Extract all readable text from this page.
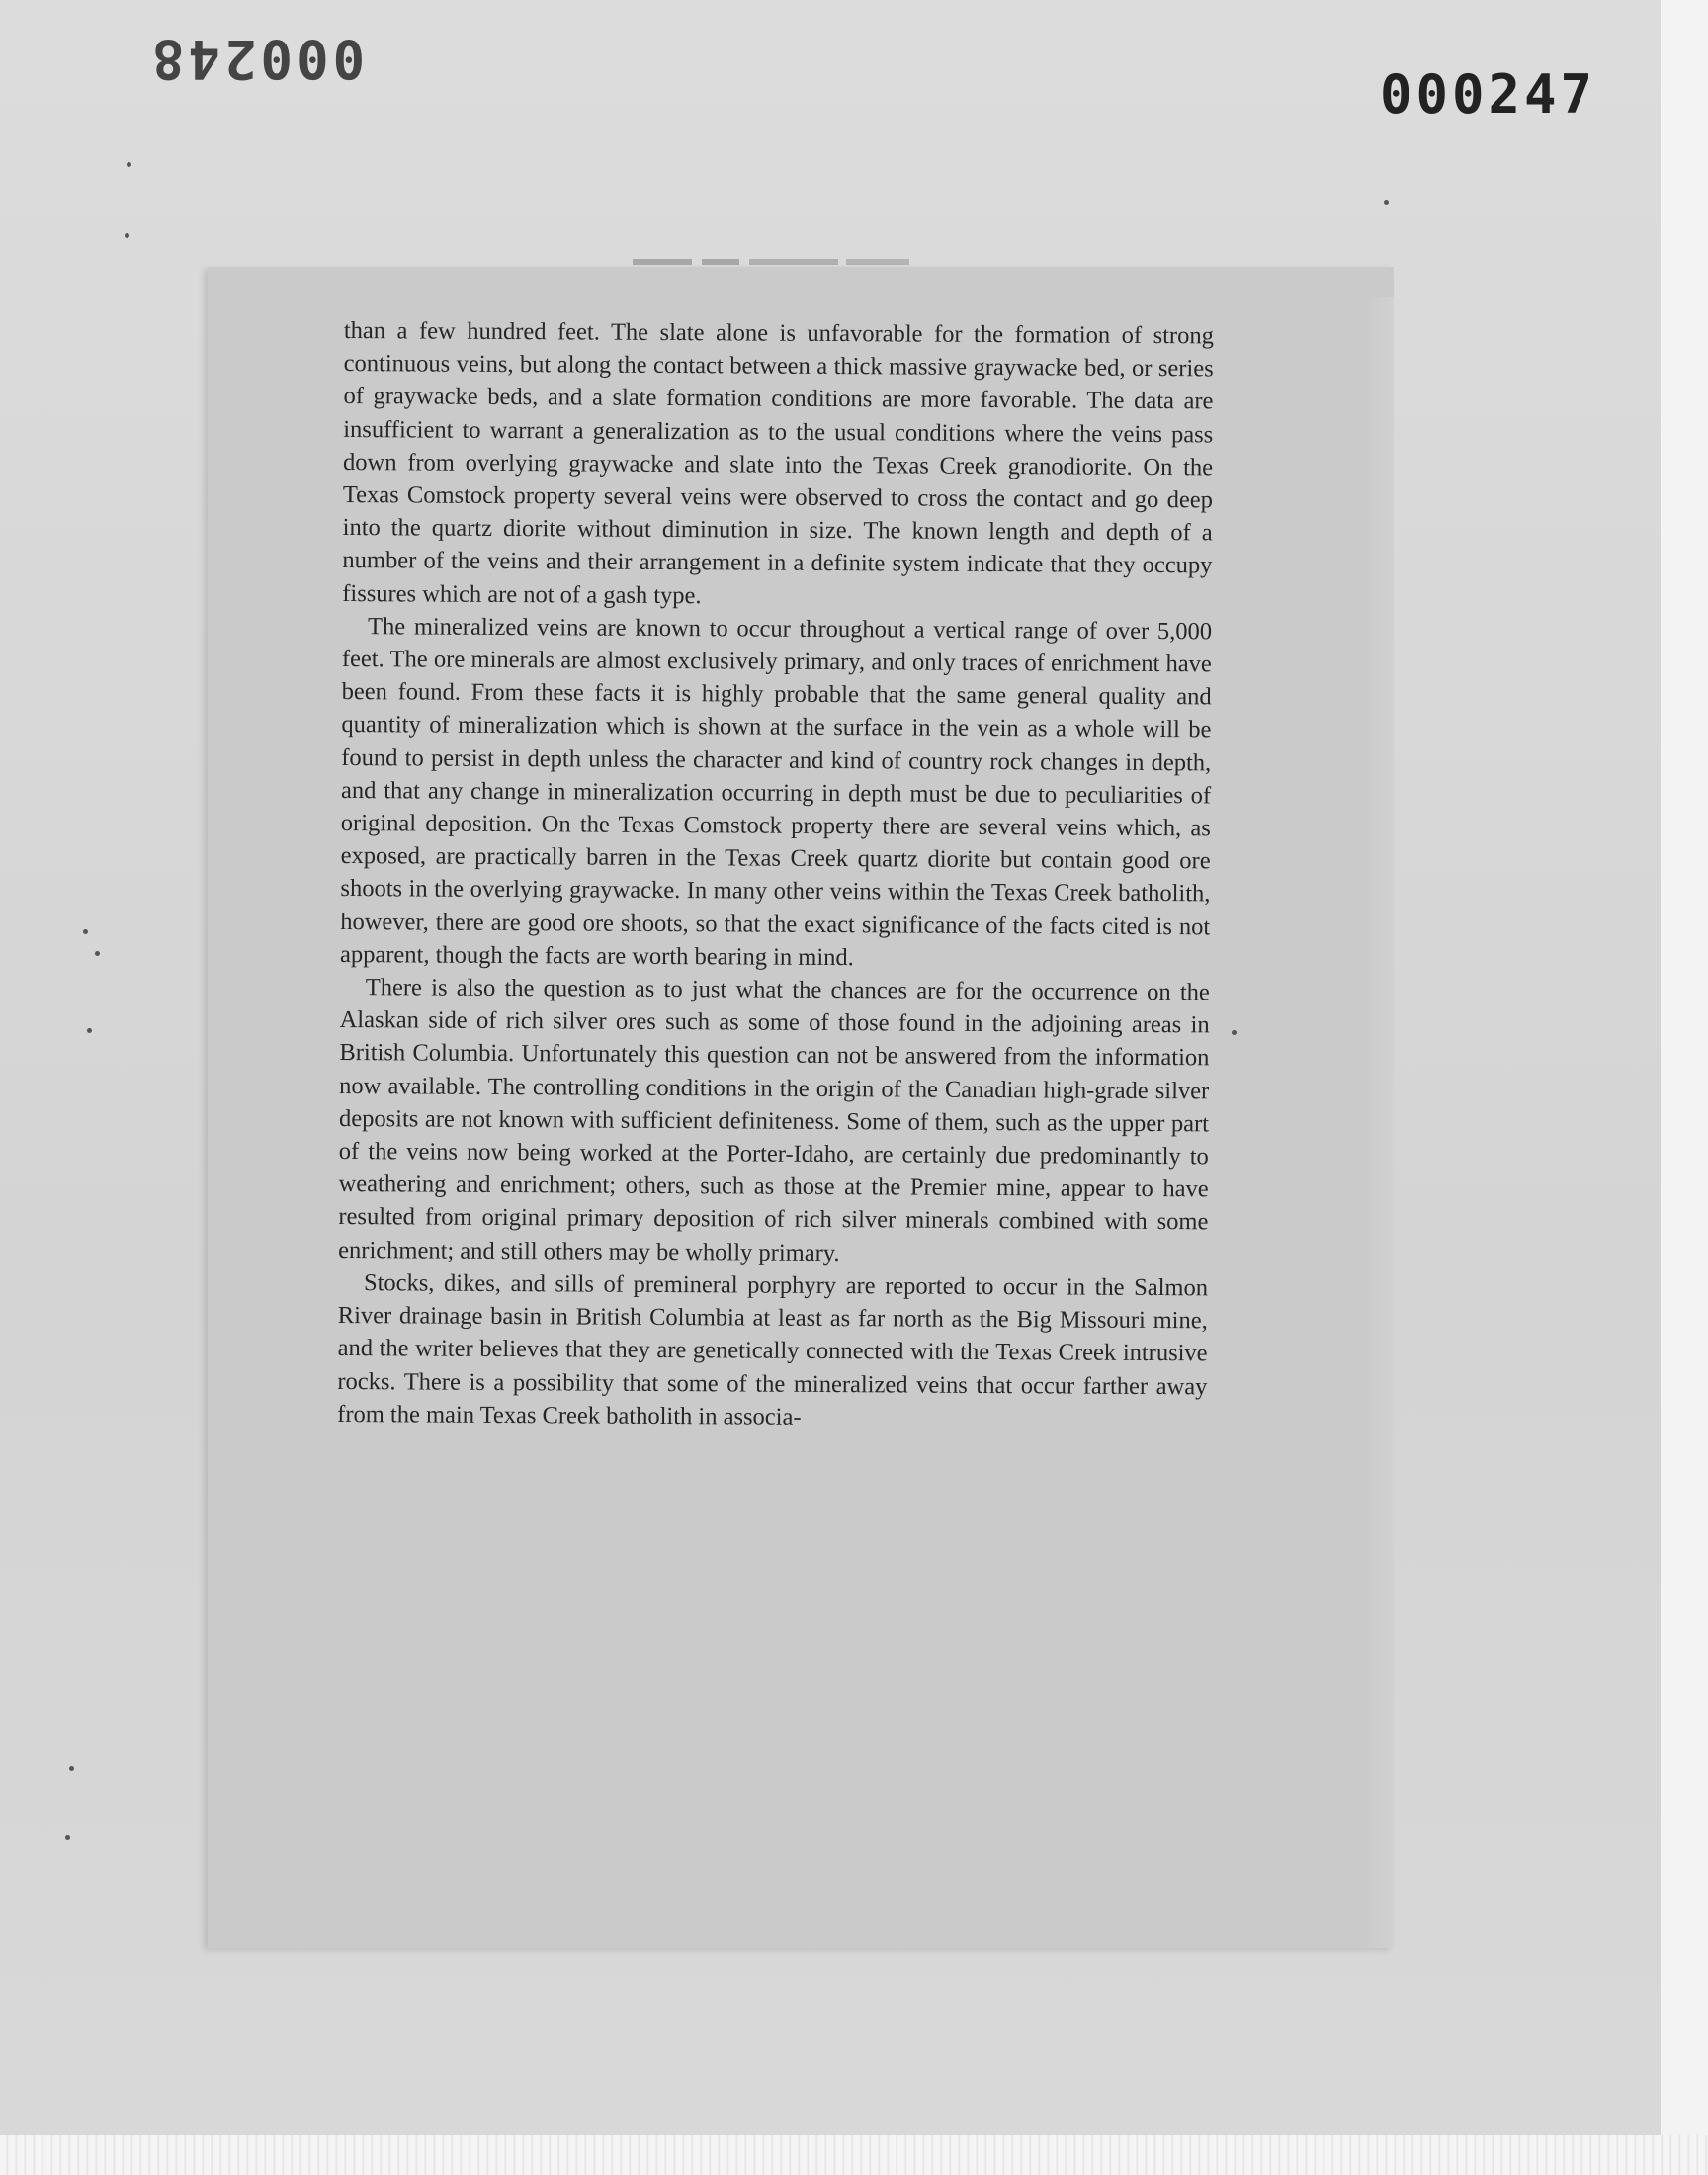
000248
000247

than a few hundred feet. The slate alone is unfavorable for the formation of strong continuous veins, but along the contact between a thick massive graywacke bed, or series of graywacke beds, and a slate formation conditions are more favorable. The data are insufficient to warrant a generalization as to the usual conditions where the veins pass down from overlying graywacke and slate into the Texas Creek granodiorite. On the Texas Comstock property several veins were observed to cross the contact and go deep into the quartz diorite without diminution in size. The known length and depth of a number of the veins and their arrangement in a definite system indicate that they occupy fissures which are not of a gash type.

The mineralized veins are known to occur throughout a vertical range of over 5,000 feet. The ore minerals are almost exclusively primary, and only traces of enrichment have been found. From these facts it is highly probable that the same general quality and quantity of mineralization which is shown at the surface in the vein as a whole will be found to persist in depth unless the character and kind of country rock changes in depth, and that any change in mineralization occurring in depth must be due to peculiarities of original deposition. On the Texas Comstock property there are several veins which, as exposed, are practically barren in the Texas Creek quartz diorite but contain good ore shoots in the overlying graywacke. In many other veins within the Texas Creek batholith, however, there are good ore shoots, so that the exact significance of the facts cited is not apparent, though the facts are worth bearing in mind.

There is also the question as to just what the chances are for the occurrence on the Alaskan side of rich silver ores such as some of those found in the adjoining areas in British Columbia. Unfortunately this question can not be answered from the information now available. The controlling conditions in the origin of the Canadian high-grade silver deposits are not known with sufficient definiteness. Some of them, such as the upper part of the veins now being worked at the Porter-Idaho, are certainly due predominantly to weathering and enrichment; others, such as those at the Premier mine, appear to have resulted from original primary deposition of rich silver minerals combined with some enrichment; and still others may be wholly primary.

Stocks, dikes, and sills of premineral porphyry are reported to occur in the Salmon River drainage basin in British Columbia at least as far north as the Big Missouri mine, and the writer believes that they are genetically connected with the Texas Creek intrusive rocks. There is a possibility that some of the mineralized veins that occur farther away from the main Texas Creek batholith in associa-
